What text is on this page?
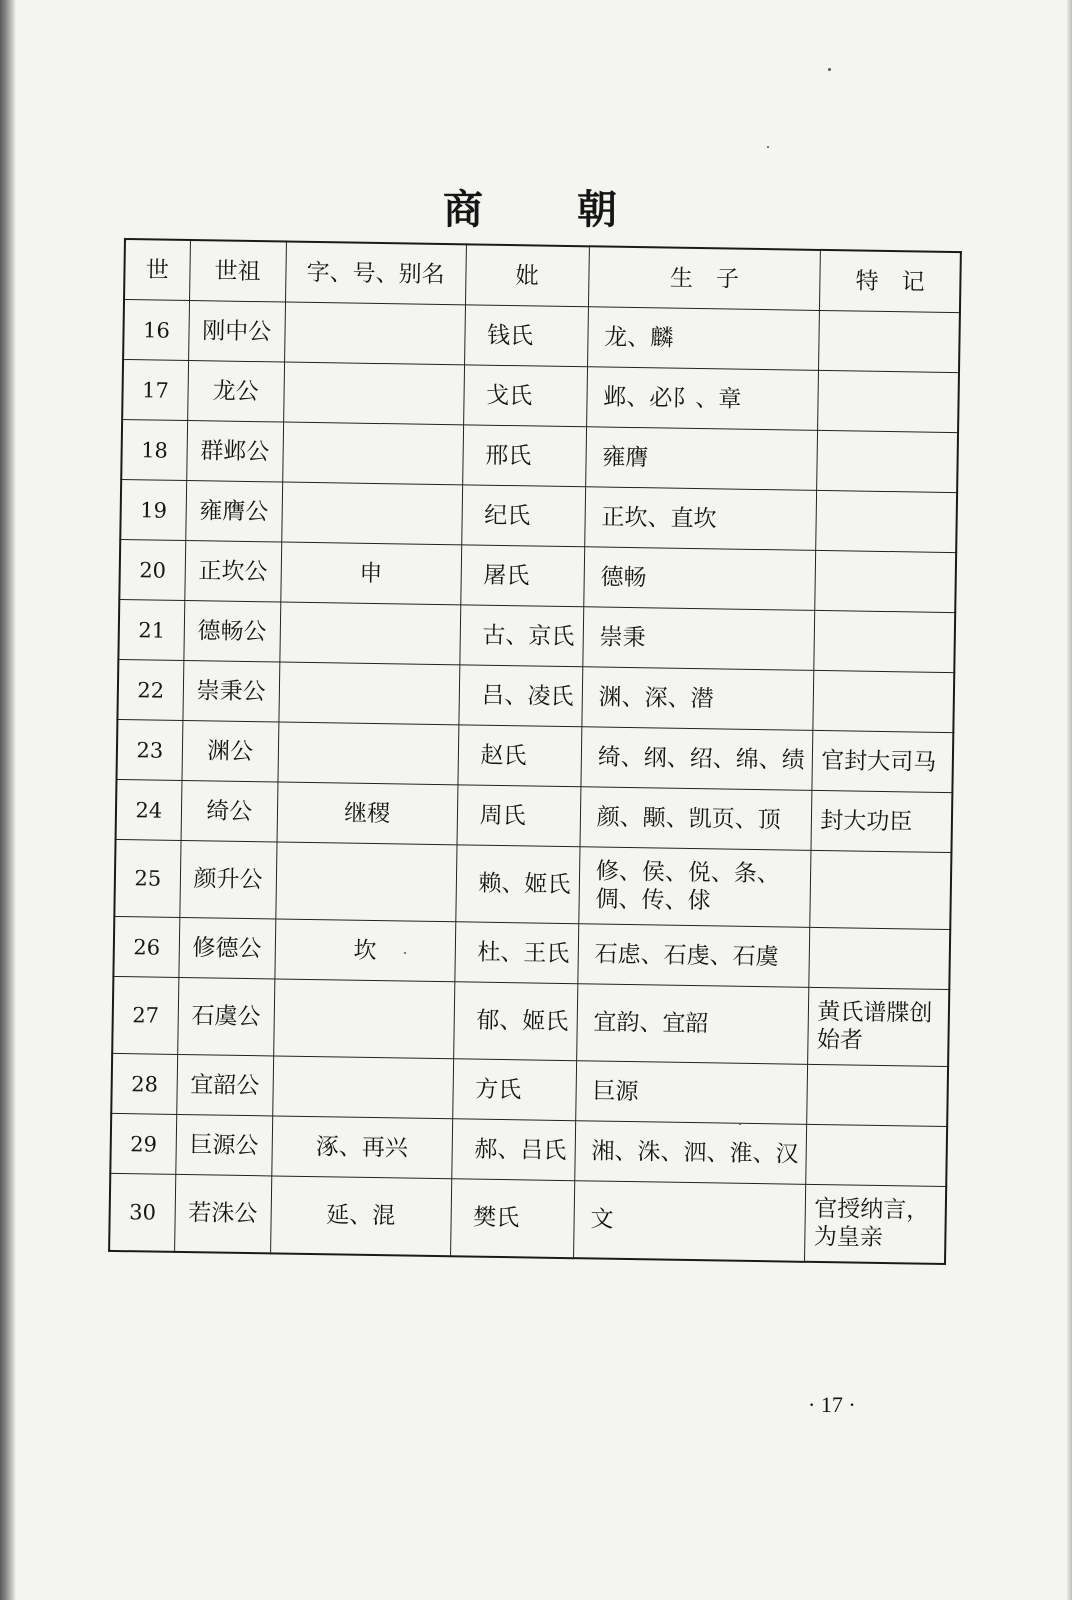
商 朝
世	世祖	字、号、别名	妣	生　子	特　记
16	刚中公		钱氏	龙、麟	
17	龙公		戈氏	邺、必阝、章	
18	群邺公		邢氏	雍膺	
19	雍膺公		纪氏	正坎、直坎	
20	正坎公	申	屠氏	德畅	
21	德畅公		古、京氏	崇秉	
22	崇秉公		吕、凌氏	渊、深、潜	
23	渊公		赵氏	绮、纲、绍、绵、绩	官封大司马
24	绮公	继稷	周氏	颜、颙、凯页、顶	封大功臣
25	颜升公		赖、姬氏	修、侯、侻、条、倜、传、俅	
26	修德公	坎	杜、王氏	石虑、石虔、石虞	
27	石虞公		郁、姬氏	宜韵、宜韶	黄氏谱牒创始者
28	宜韶公		方氏	巨源	
29	巨源公	涿、再兴	郝、吕氏	湘、洙、泗、淮、汉	
30	若洙公	延、混	樊氏	文	官授纳言，为皇亲
· 17 ·
